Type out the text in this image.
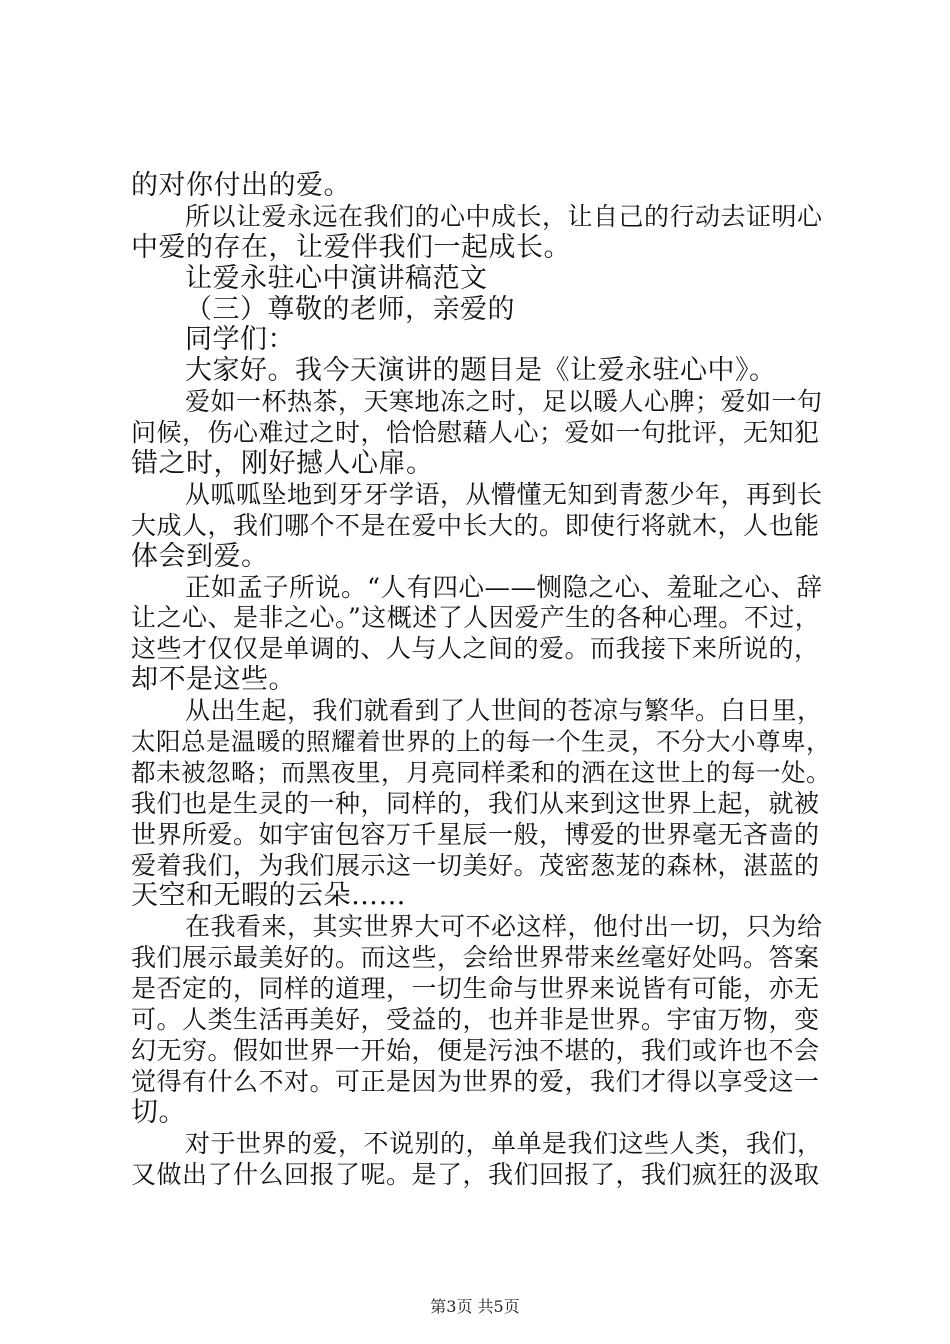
的对你付出的爱。
所以让爱永远在我们的心中成长，让自己的行动去证明心
中爱的存在，让爱伴我们一起成长。
让爱永驻心中演讲稿范文
（三）尊敬的老师，亲爱的
同学们：
大家好。我今天演讲的题目是《让爱永驻心中》。
爱如一杯热茶，天寒地冻之时，足以暖人心脾；爱如一句
问候，伤心难过之时，恰恰慰藉人心；爱如一句批评，无知犯
错之时，刚好撼人心扉。
从呱呱坠地到牙牙学语，从懵懂无知到青葱少年，再到长
大成人，我们哪个不是在爱中长大的。即使行将就木，人也能
体会到爱。
正如孟子所说。“人有四心——恻隐之心、羞耻之心、辞
让之心、是非之心。”这概述了人因爱产生的各种心理。不过，
这些才仅仅是单调的、人与人之间的爱。而我接下来所说的，
却不是这些。
从出生起，我们就看到了人世间的苍凉与繁华。白日里，
太阳总是温暖的照耀着世界的上的每一个生灵，不分大小尊卑，
都未被忽略；而黑夜里，月亮同样柔和的洒在这世上的每一处。
我们也是生灵的一种，同样的，我们从来到这世界上起，就被
世界所爱。如宇宙包容万千星辰一般，博爱的世界毫无吝啬的
爱着我们，为我们展示这一切美好。茂密葱茏的森林，湛蓝的
天空和无暇的云朵……
在我看来，其实世界大可不必这样，他付出一切，只为给
我们展示最美好的。而这些，会给世界带来丝毫好处吗。答案
是否定的，同样的道理，一切生命与世界来说皆有可能，亦无
可。人类生活再美好，受益的，也并非是世界。宇宙万物，变
幻无穷。假如世界一开始，便是污浊不堪的，我们或许也不会
觉得有什么不对。可正是因为世界的爱，我们才得以享受这一
切。
对于世界的爱，不说别的，单单是我们这些人类，我们，
又做出了什么回报了呢。是了，我们回报了，我们疯狂的汲取
第3页 共5页
